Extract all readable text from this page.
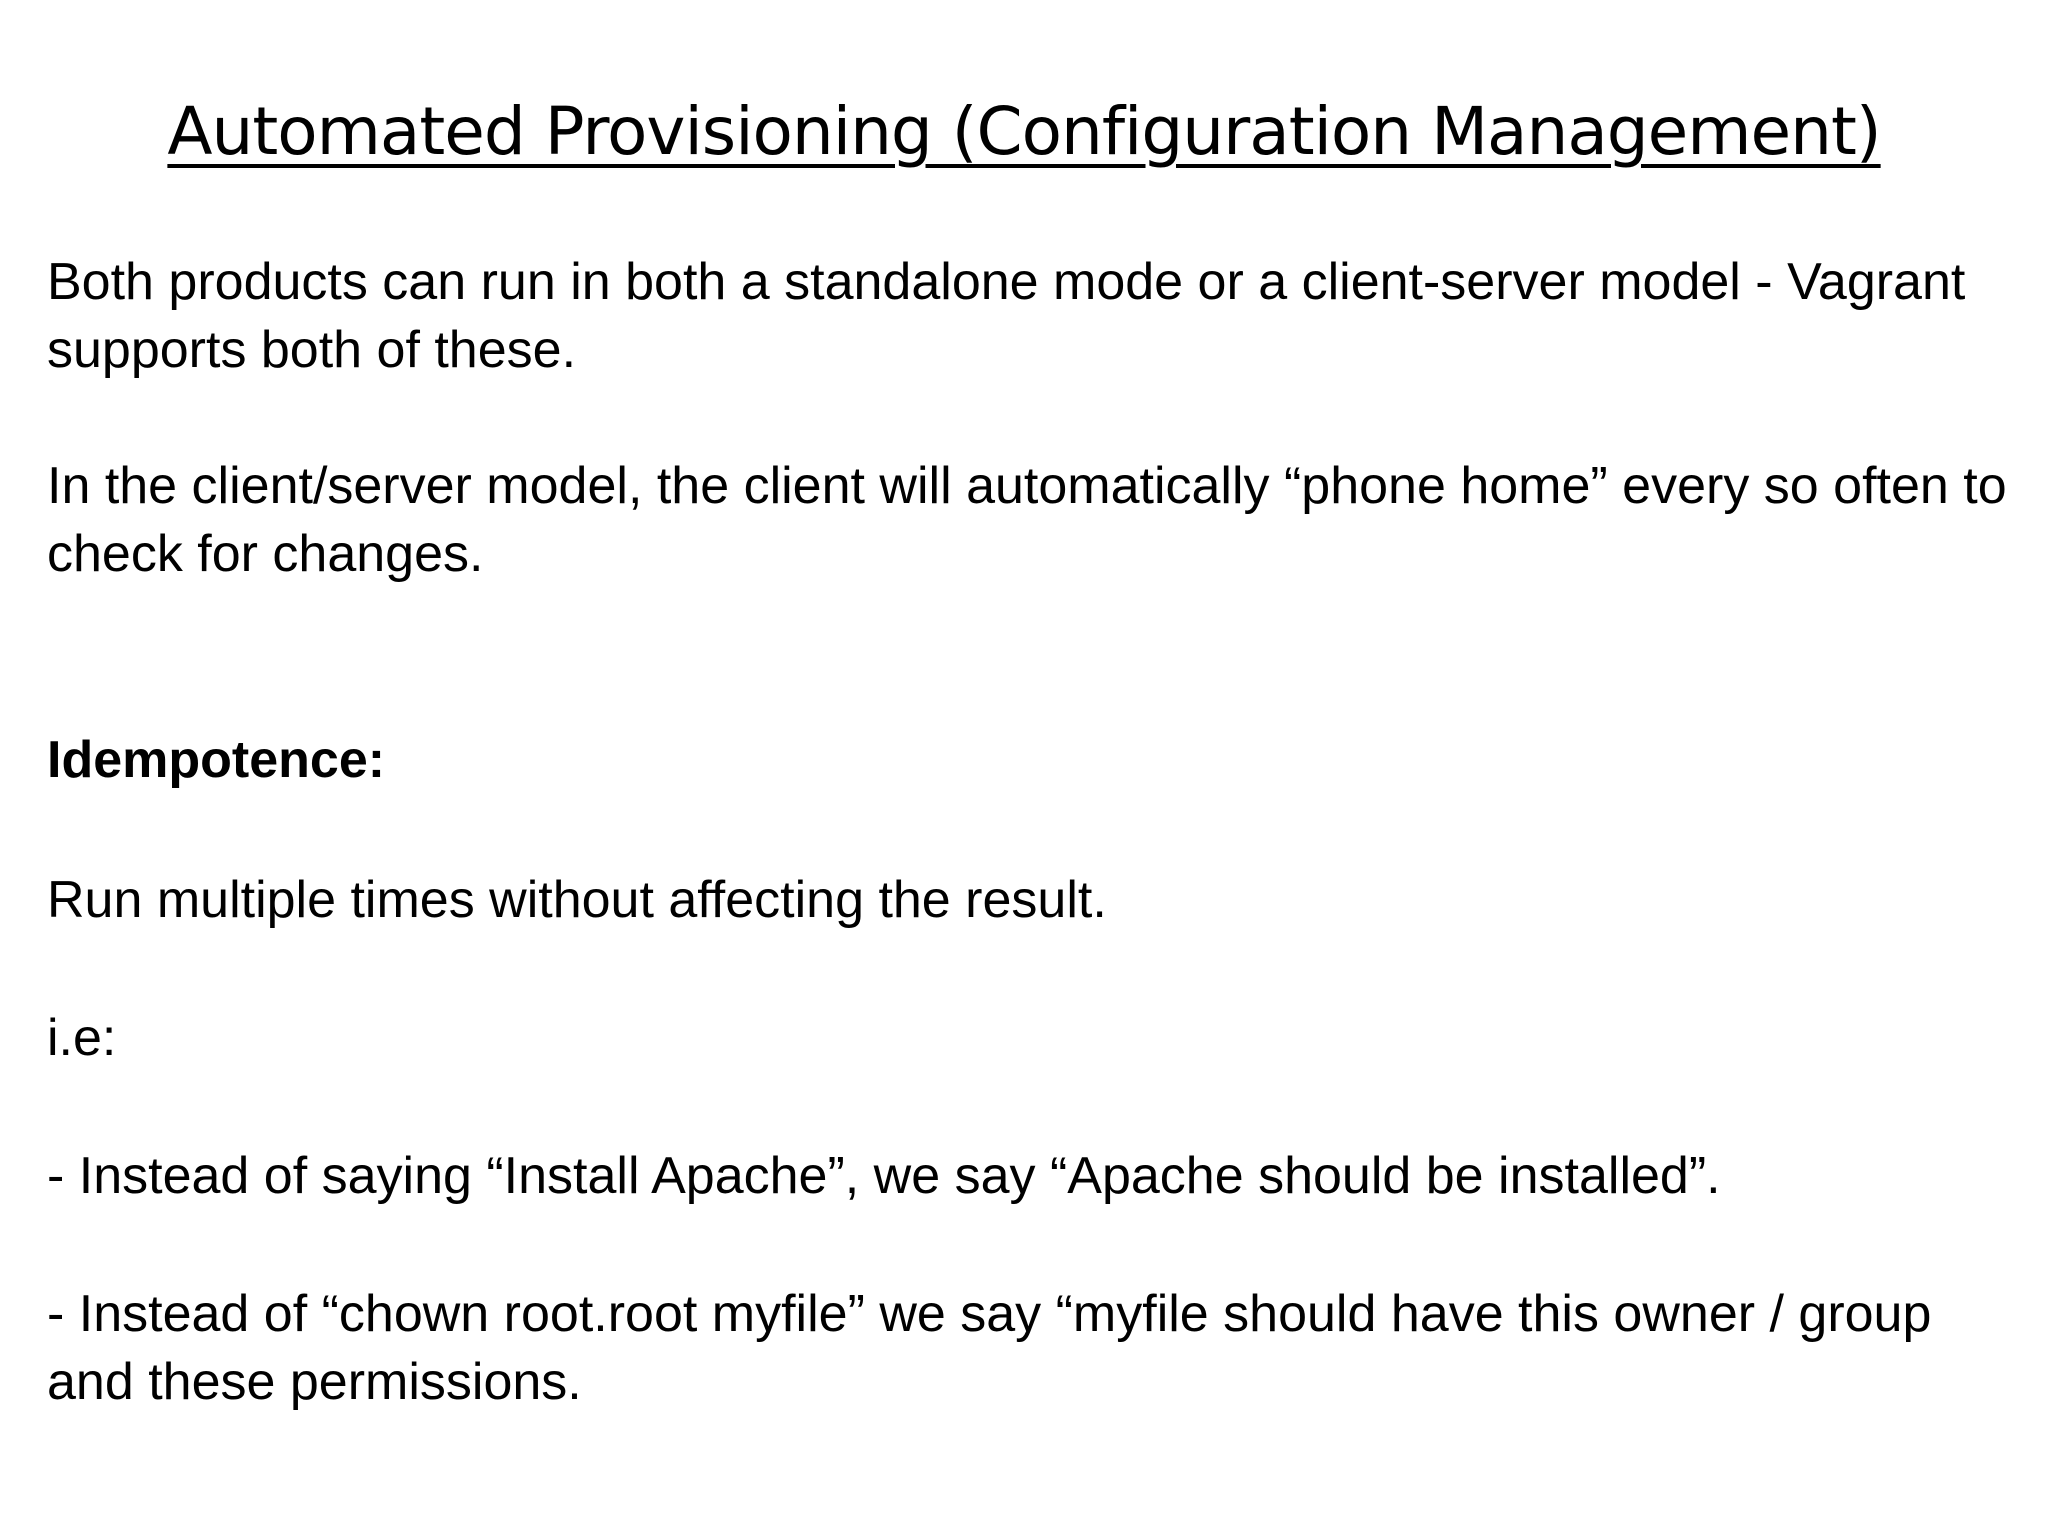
Automated Provisioning (Configuration Management)

Both products can run in both a standalone mode or a client-server model - Vagrant supports both of these.

In the client/server model, the client will automatically “phone home” every so often to check for changes.

Idempotence:

Run multiple times without affecting the result.

i.e:

- Instead of saying “Install Apache”, we say “Apache should be installed”.

- Instead of “chown root.root myfile” we say “myfile should have this owner / group and these permissions.
